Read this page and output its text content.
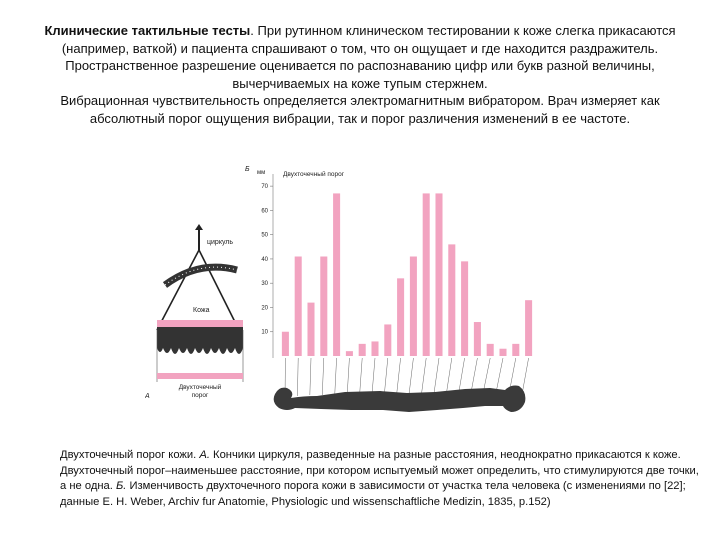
Клинические тактильные тесты. При рутинном клиническом тестировании к коже слегка прикасаются (например, ваткой) и пациента спрашивают о том, что он ощущает и где находится раздражитель. Пространственное разрешение оценивается по распознаванию цифр или букв разной величины, вычерчиваемых на коже тупым стержнем.
Вибрационная чувствительность определяется электромагнитным вибратором. Врач измеряет как абсолютный порог ощущения вибрации, так и порог различения изменений в ее частоте.
циркуль
Кожа
Двухточечный
порог
А
Б мм	Двухточечный порог
10
20
30
40
50
60
70
Двухточечный порог кожи. А. Кончики циркуля, разведенные на разные расстояния, неоднократно прикасаются к коже. Двухточечный порог–наименьшее расстояние, при котором испытуемый может определить, что стимулируются две точки, а не одна. Б. Изменчивость двухточечного порога кожи в зависимости от участка тела человека (с изменениями по [22]; данные E. H. Weber, Archiv fur Anatomie, Physiologic und wissenschaftliche Medizin, 1835, p.152)
